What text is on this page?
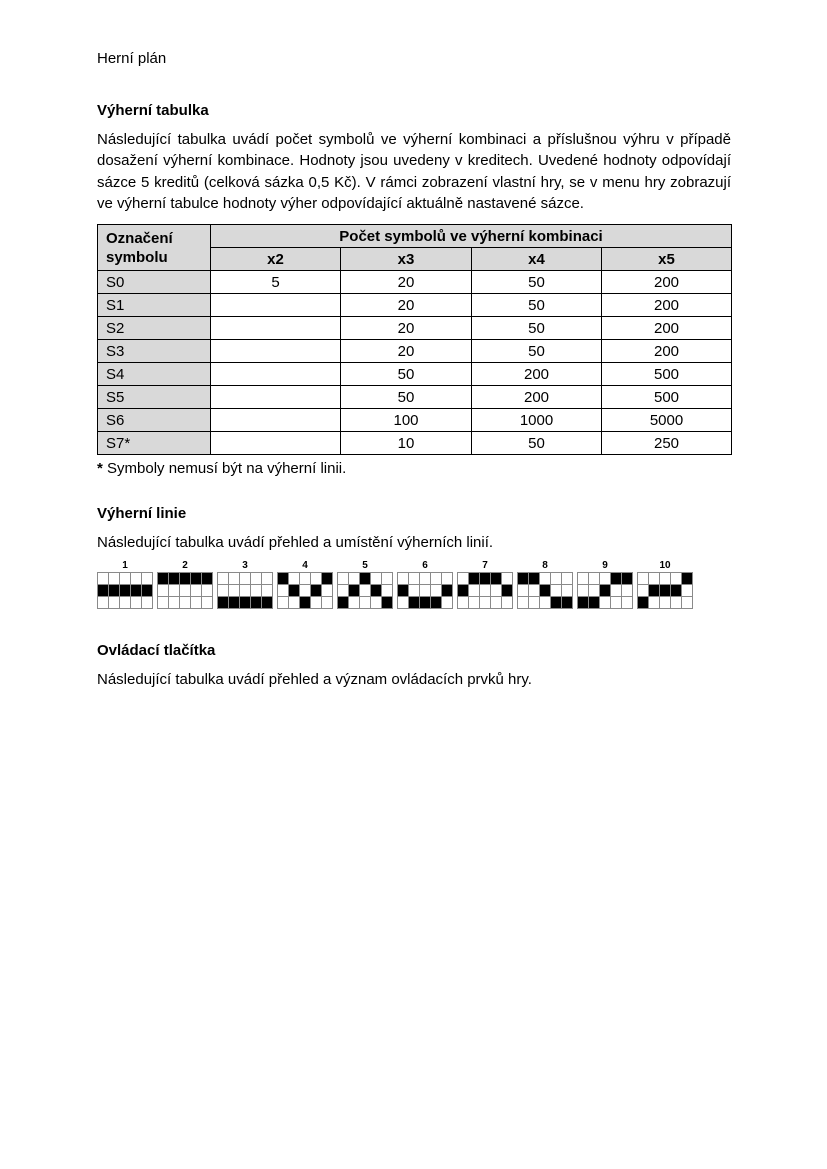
Herní plán

Výherní tabulka

Následující tabulka uvádí počet symbolů ve výherní kombinaci a příslušnou výhru v případě dosažení výherní kombinace. Hodnoty jsou uvedeny v kreditech. Uvedené hodnoty odpovídají sázce 5 kreditů (celková sázka 0,5 Kč). V rámci zobrazení vlastní hry, se v menu hry zobrazují ve výherní tabulce hodnoty výher odpovídající aktuálně nastavené sázce.

Označení symbolu	Počet symbolů ve výherní kombinaci			
	x2	x3	x4	x5
S0	5	20	50	200
S1		20	50	200
S2		20	50	200
S3		20	50	200
S4		50	200	500
S5		50	200	500
S6		100	1000	5000
S7*		10	50	250

* Symboly nemusí být na výherní linii.

Výherní linie

Následující tabulka uvádí přehled a umístění výherních linií.

1	2	3	4	5	6	7	8	9	10

Ovládací tlačítka

Následující tabulka uvádí přehled a význam ovládacích prvků hry.
